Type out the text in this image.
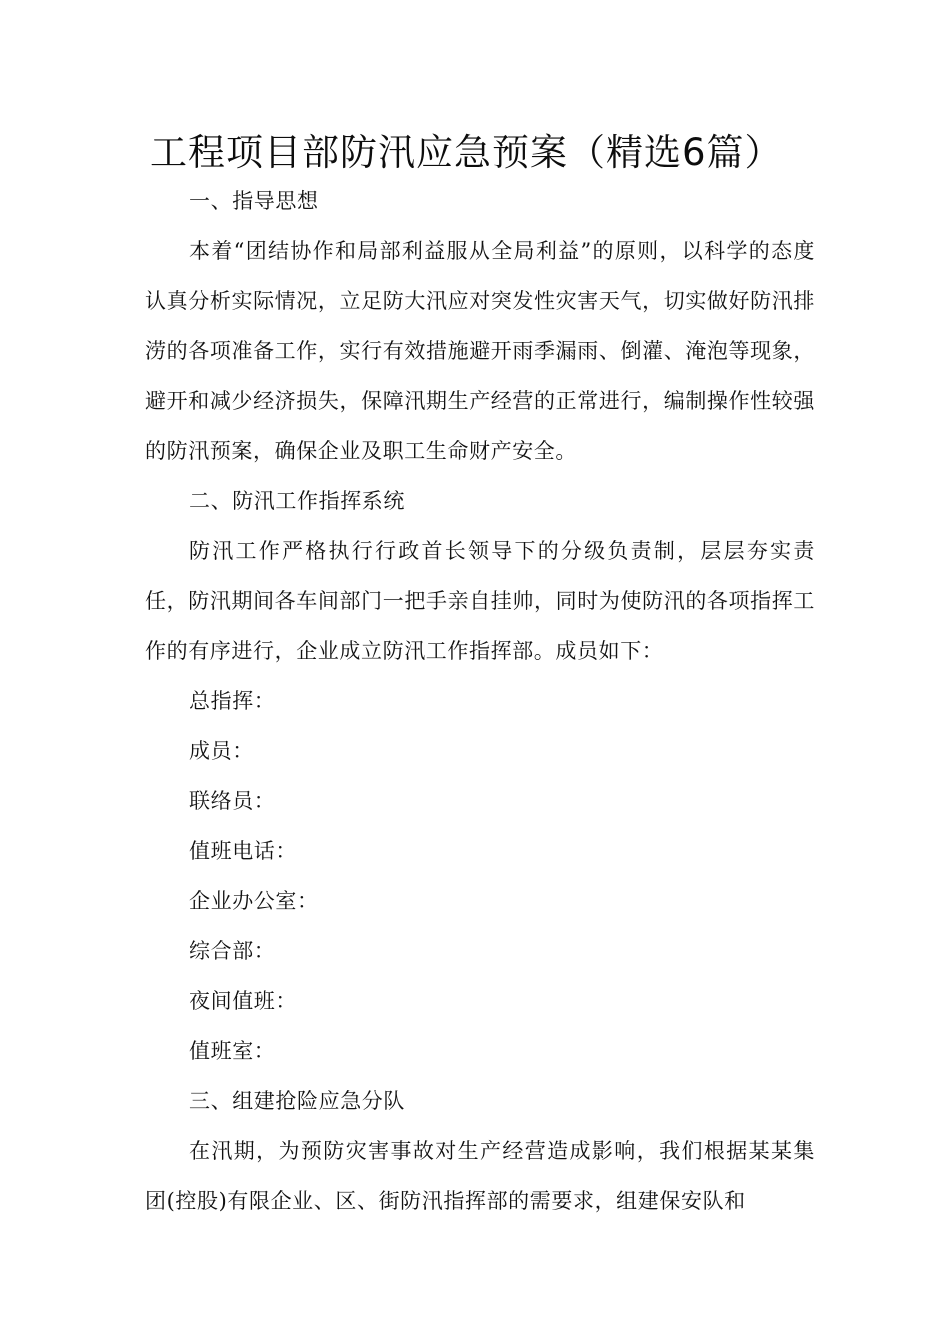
工程项目部防汛应急预案（精选6篇）

一、指导思想

本着“团结协作和局部利益服从全局利益”的原则，以科学的态度认真分析实际情况，立足防大汛应对突发性灾害天气，切实做好防汛排涝的各项准备工作，实行有效措施避开雨季漏雨、倒灌、淹泡等现象，避开和减少经济损失，保障汛期生产经营的正常进行，编制操作性较强的防汛预案，确保企业及职工生命财产安全。

二、防汛工作指挥系统

防汛工作严格执行行政首长领导下的分级负责制，层层夯实责任，防汛期间各车间部门一把手亲自挂帅，同时为使防汛的各项指挥工作的有序进行，企业成立防汛工作指挥部。成员如下：

总指挥：

成员：

联络员：

值班电话：

企业办公室：

综合部：

夜间值班：

值班室：

三、组建抢险应急分队

在汛期，为预防灾害事故对生产经营造成影响，我们根据某某集团(控股)有限企业、区、街防汛指挥部的需要求，组建保安队和
